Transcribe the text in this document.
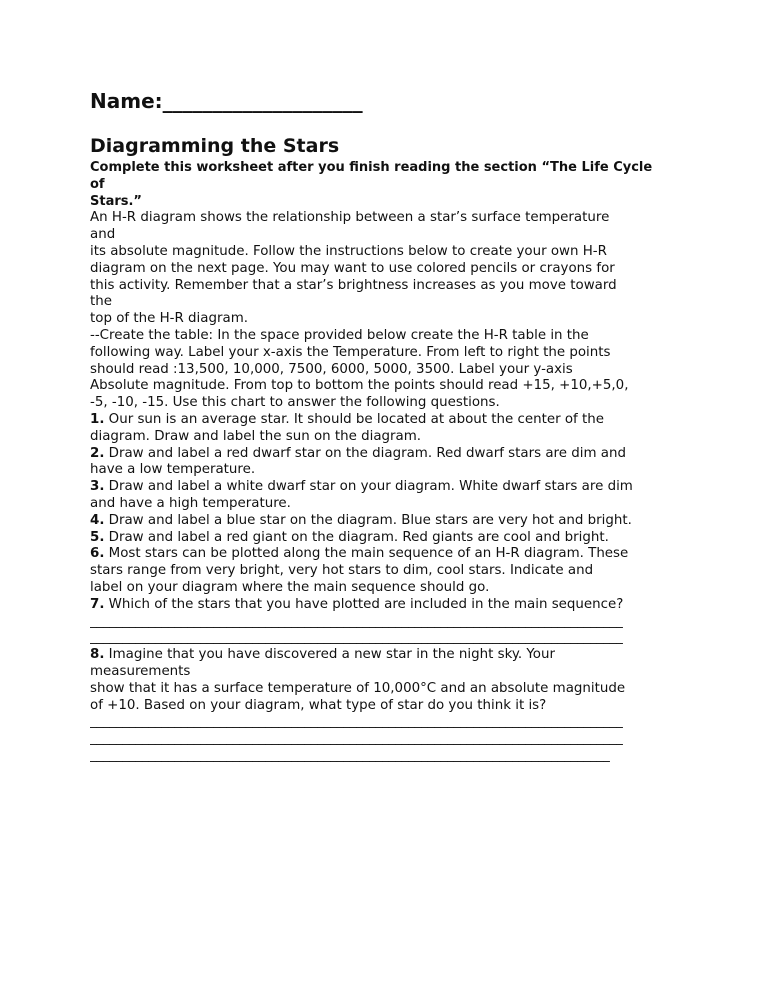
Name:____________________

Diagramming the Stars
Complete this worksheet after you finish reading the section “The Life Cycle
of
Stars.”
An H-R diagram shows the relationship between a star’s surface temperature
and
its absolute magnitude. Follow the instructions below to create your own H-R
diagram on the next page. You may want to use colored pencils or crayons for
this activity. Remember that a star’s brightness increases as you move toward
the
top of the H-R diagram.
--Create the table: In the space provided below create the H-R table in the
following way. Label your x-axis the Temperature. From left to right the points
should read :13,500, 10,000, 7500, 6000, 5000, 3500. Label your y-axis
Absolute magnitude. From top to bottom the points should read +15, +10,+5,0,
-5, -10, -15. Use this chart to answer the following questions.
1. Our sun is an average star. It should be located at about the center of the
diagram. Draw and label the sun on the diagram.
2. Draw and label a red dwarf star on the diagram. Red dwarf stars are dim and
have a low temperature.
3. Draw and label a white dwarf star on your diagram. White dwarf stars are dim
and have a high temperature.
4. Draw and label a blue star on the diagram. Blue stars are very hot and bright.
5. Draw and label a red giant on the diagram. Red giants are cool and bright.
6. Most stars can be plotted along the main sequence of an H-R diagram. These
stars range from very bright, very hot stars to dim, cool stars. Indicate and
label on your diagram where the main sequence should go.
7. Which of the stars that you have plotted are included in the main sequence?
__________________________________________________________________________________
__________________________________________________________________________________
8. Imagine that you have discovered a new star in the night sky. Your
measurements
show that it has a surface temperature of 10,000°C and an absolute magnitude
of +10. Based on your diagram, what type of star do you think it is?
__________________________________________________________________________________
__________________________________________________________________________________
________________________________________________________________________________
